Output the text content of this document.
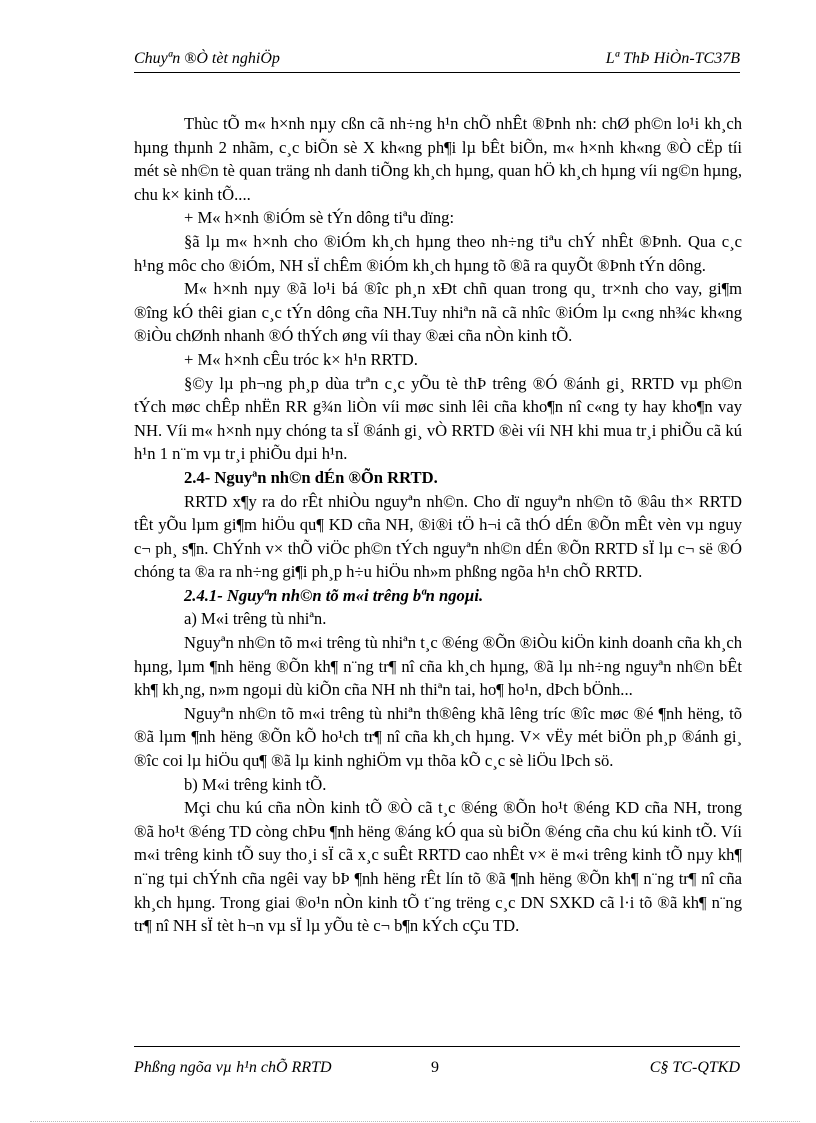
Chuyªn ®Ò tèt nghiÖp	Lª ThÞ HiÒn-TC37B

Thùc tÕ m« h×nh nµy cßn cã nh÷ng h¹n chÕ nhÊt ®Þnh nh: chØ ph©n lo¹i kh¸ch hµng thµnh 2 nhãm, c¸c biÕn sè X kh«ng ph¶i lµ bÊt biÕn, m« h×nh kh«ng ®Ò cËp tíi mét sè nh©n tè quan träng nh danh tiÕng kh¸ch hµng, quan hÖ kh¸ch hµng víi ng©n hµng, chu k× kinh tÕ....

+ M« h×nh ®iÓm sè tÝn dông tiªu dïng:

§ã lµ m« h×nh cho ®iÓm kh¸ch hµng theo nh÷ng tiªu chÝ nhÊt ®Þnh. Qua c¸c h¹ng môc cho ®iÓm, NH sÏ chÊm ®iÓm kh¸ch hµng tõ ®ã ra quyÕt ®Þnh tÝn dông.

M« h×nh nµy ®ã lo¹i bá ®îc ph¸n xÐt chñ quan trong qu¸ tr×nh cho vay, gi¶m ®îng kÓ thêi gian c¸c tÝn dông cña NH.Tuy nhiªn nã cã nhîc ®iÓm lµ c«ng nh¾c kh«ng ®iÒu chØnh nhanh ®Ó thÝch øng víi thay ®æi cña nÒn kinh tÕ.

+ M« h×nh cÊu tróc k× h¹n RRTD.

§©y lµ ph¬ng ph¸p dùa trªn c¸c yÕu tè thÞ trêng ®Ó ®ánh gi¸ RRTD vµ ph©n tÝch møc chÊp nhËn RR g¾n liÒn víi møc sinh lêi cña kho¶n nî c«ng ty hay kho¶n vay NH. Víi m« h×nh nµy chóng ta sÏ ®ánh gi¸ vÒ RRTD ®èi víi NH khi mua tr¸i phiÕu cã kú h¹n 1 n¨m vµ tr¸i phiÕu dµi h¹n.

2.4- Nguyªn nh©n dÉn ®Õn RRTD.

RRTD x¶y ra do rÊt nhiÒu nguyªn nh©n. Cho dï nguyªn nh©n tõ ®âu th× RRTD tÊt yÕu lµm gi¶m hiÖu qu¶ KD cña NH, ®i®i tÖ h¬i cã thÓ dÉn ®Õn mÊt vèn vµ nguy c¬ ph¸ s¶n. ChÝnh v× thÕ viÖc ph©n tÝch nguyªn nh©n dÉn ®Õn RRTD sÏ lµ c¬ së ®Ó chóng ta ®a ra nh÷ng gi¶i ph¸p h÷u hiÖu nh»m phßng ngõa h¹n chÕ RRTD.

2.4.1- Nguyªn nh©n tõ m«i trêng bªn ngoµi.

a) M«i trêng tù nhiªn.

Nguyªn nh©n tõ m«i trêng tù nhiªn t¸c ®éng ®Õn ®iÒu kiÖn kinh doanh cña kh¸ch hµng, lµm ¶nh hëng ®Õn kh¶ n¨ng tr¶ nî cña kh¸ch hµng, ®ã lµ nh÷ng nguyªn nh©n bÊt kh¶ kh¸ng, n»m ngoµi dù kiÕn cña NH nh thiªn tai, ho¶ ho¹n, dÞch bÖnh...

Nguyªn nh©n tõ m«i trêng tù nhiªn th®êng khã lêng tríc ®îc møc ®é ¶nh hëng, tõ ®ã lµm ¶nh hëng ®Õn kÕ ho¹ch tr¶ nî cña kh¸ch hµng. V× vËy mét biÖn ph¸p ®ánh gi¸ ®îc coi lµ hiÖu qu¶ ®ã lµ kinh nghiÖm vµ thõa kÕ c¸c sè liÖu lÞch sö.

b) M«i trêng kinh tÕ.

Mçi chu kú cña nÒn kinh tÕ ®Ò cã t¸c ®éng ®Õn ho¹t ®éng KD cña NH, trong ®ã ho¹t ®éng TD còng chÞu ¶nh hëng ®áng kÓ qua sù biÕn ®éng cña chu kú kinh tÕ. Víi m«i trêng kinh tÕ suy tho¸i sÏ cã x¸c suÊt RRTD cao nhÊt v× ë m«i trêng kinh tÕ nµy kh¶ n¨ng tµi chÝnh cña ngêi vay bÞ ¶nh hëng rÊt lín tõ ®ã ¶nh hëng ®Õn kh¶ n¨ng tr¶ nî cña kh¸ch hµng. Trong giai ®o¹n nÒn kinh tÕ t¨ng trëng c¸c DN SXKD cã l·i tõ ®ã kh¶ n¨ng tr¶ nî NH sÏ tèt h¬n vµ sÏ lµ yÕu tè c¬ b¶n kÝch cÇu TD.

Phßng ngõa vµ h¹n chÕ RRTD	9	C§ TC-QTKD
